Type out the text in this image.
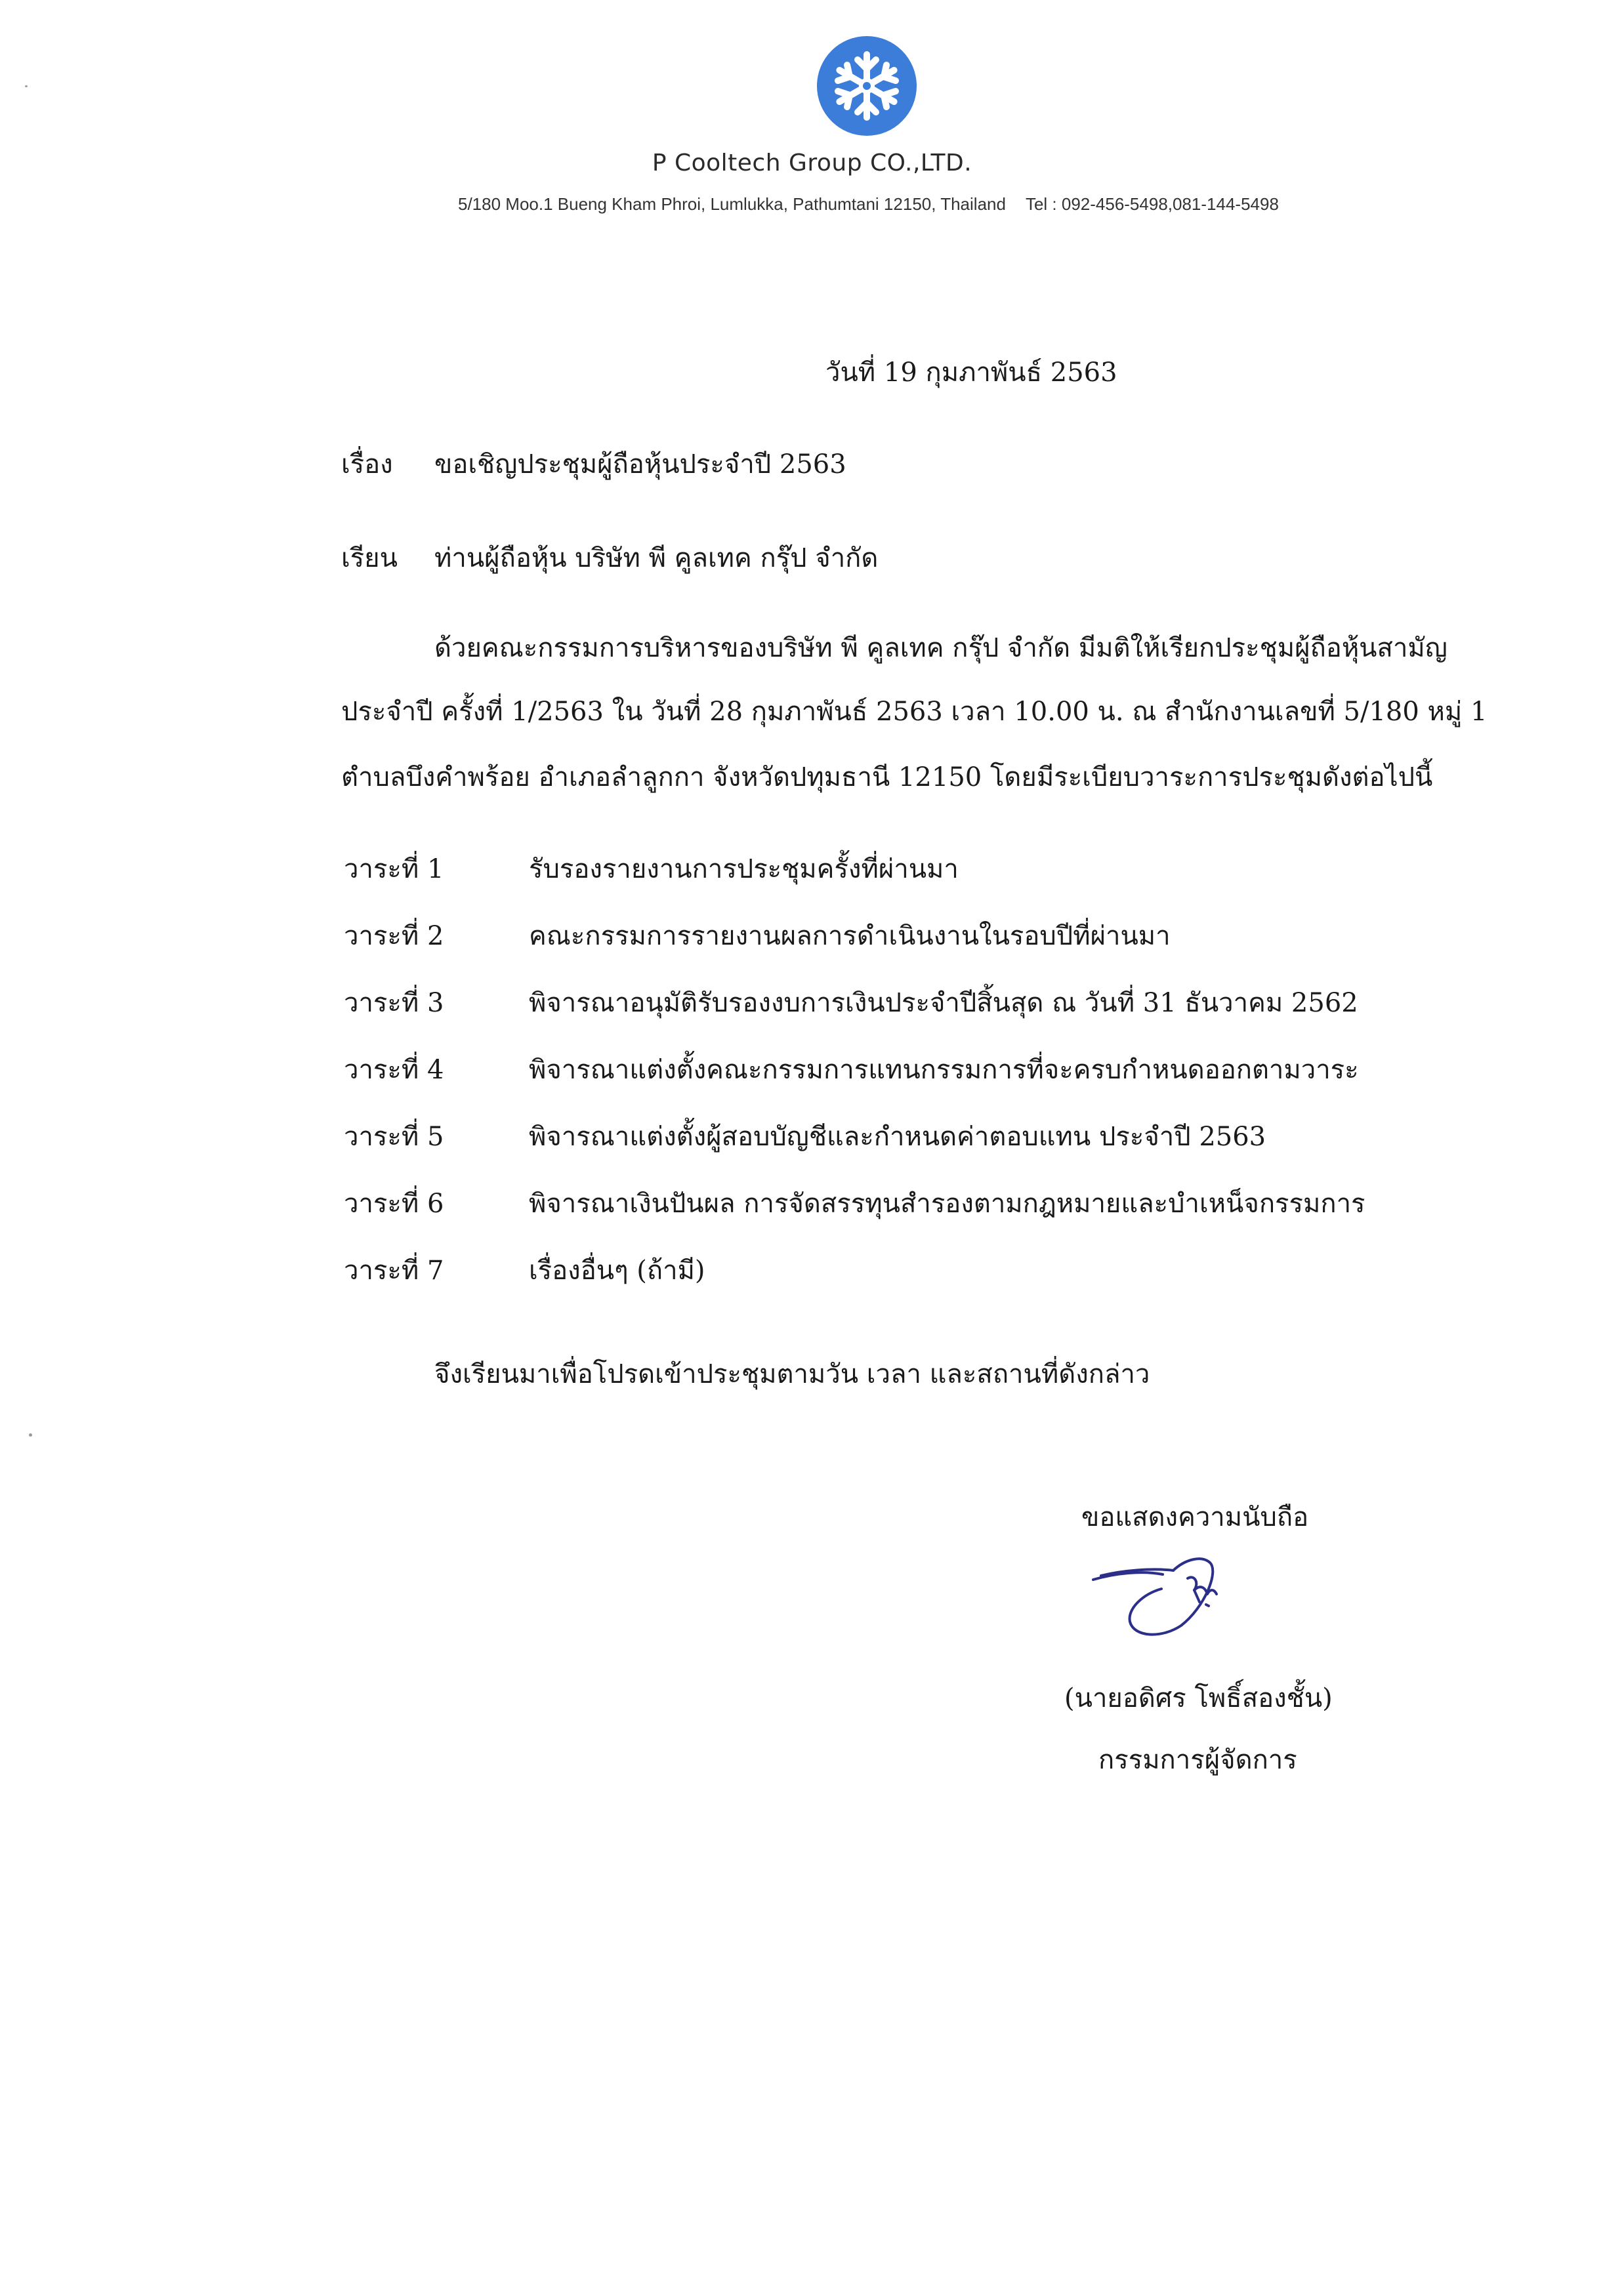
P Cooltech Group CO.,LTD.
5/180 Moo.1 Bueng Kham Phroi, Lumlukka, Pathumtani 12150, Thailand Tel : 092-456-5498,081-144-5498
วันที่ 19 กุมภาพันธ์ 2563
เรื่อง ขอเชิญประชุมผู้ถือหุ้นประจำปี 2563
เรียน ท่านผู้ถือหุ้น บริษัท พี คูลเทค กรุ๊ป จำกัด
ด้วยคณะกรรมการบริหารของบริษัท พี คูลเทค กรุ๊ป จำกัด มีมติให้เรียกประชุมผู้ถือหุ้นสามัญ
ประจำปี ครั้งที่ 1/2563 ใน วันที่ 28 กุมภาพันธ์ 2563 เวลา 10.00 น. ณ สำนักงานเลขที่ 5/180 หมู่ 1
ตำบลบึงคำพร้อย อำเภอลำลูกกา จังหวัดปทุมธานี 12150 โดยมีระเบียบวาระการประชุมดังต่อไปนี้
วาระที่ 1	รับรองรายงานการประชุมครั้งที่ผ่านมา
วาระที่ 2	คณะกรรมการรายงานผลการดำเนินงานในรอบปีที่ผ่านมา
วาระที่ 3	พิจารณาอนุมัติรับรองงบการเงินประจำปีสิ้นสุด ณ วันที่ 31 ธันวาคม 2562
วาระที่ 4	พิจารณาแต่งตั้งคณะกรรมการแทนกรรมการที่จะครบกำหนดออกตามวาระ
วาระที่ 5	พิจารณาแต่งตั้งผู้สอบบัญชีและกำหนดค่าตอบแทน ประจำปี 2563
วาระที่ 6	พิจารณาเงินปันผล การจัดสรรทุนสำรองตามกฎหมายและบำเหน็จกรรมการ
วาระที่ 7	เรื่องอื่นๆ (ถ้ามี)
จึงเรียนมาเพื่อโปรดเข้าประชุมตามวัน เวลา และสถานที่ดังกล่าว
ขอแสดงความนับถือ
(นายอดิศร โพธิ์สองชั้น)
กรรมการผู้จัดการ
